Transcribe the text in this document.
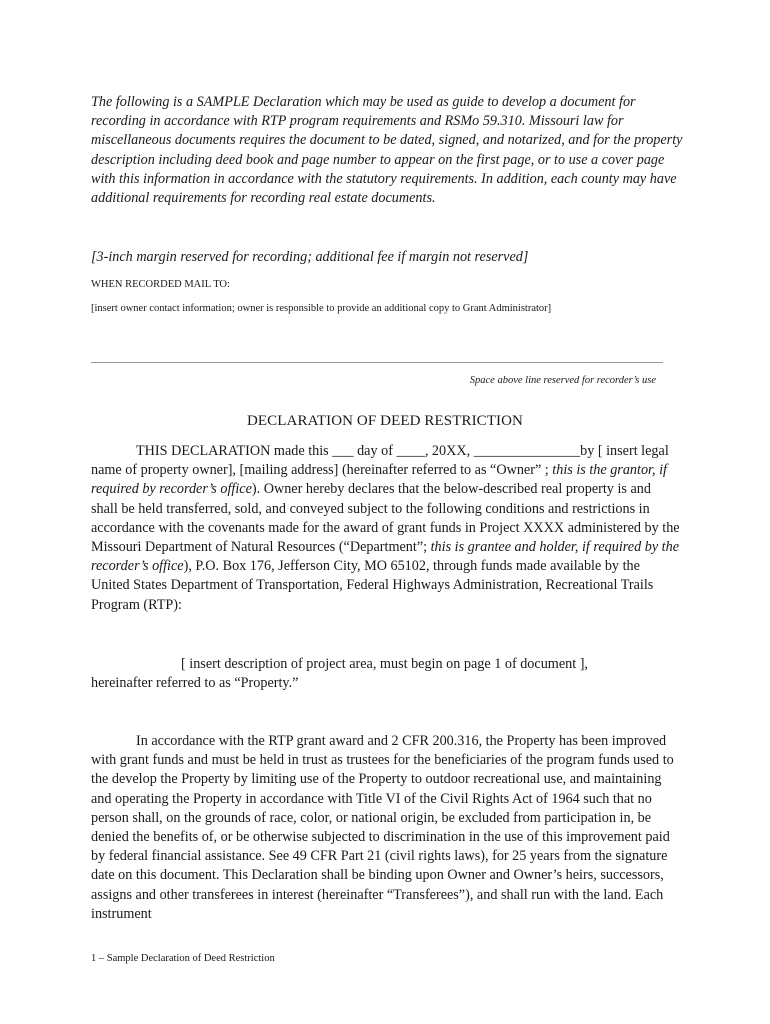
The following is a SAMPLE Declaration which may be used as guide to develop a document for recording in accordance with RTP program requirements and RSMo 59.310. Missouri law for miscellaneous documents requires the document to be dated, signed, and notarized, and for the property description including deed book and page number to appear on the first page, or to use a cover page with this information in accordance with the statutory requirements. In addition, each county may have additional requirements for recording real estate documents.

[3-inch margin reserved for recording; additional fee if margin not reserved]

WHEN RECORDED MAIL TO:

[insert owner contact information; owner is responsible to provide an additional copy to Grant Administrator]

Space above line reserved for recorder’s use

DECLARATION OF DEED RESTRICTION

THIS DECLARATION made this ___ day of ____, 20XX, _______________by [ insert legal name of property owner], [mailing address] (hereinafter referred to as “Owner” ; this is the grantor, if required by recorder’s office). Owner hereby declares that the below-described real property is and shall be held transferred, sold, and conveyed subject to the following conditions and restrictions in accordance with the covenants made for the award of grant funds in Project XXXX administered by the Missouri Department of Natural Resources (“Department”; this is grantee and holder, if required by the recorder’s office), P.O. Box 176, Jefferson City, MO 65102, through funds made available by the United States Department of Transportation, Federal Highways Administration, Recreational Trails Program (RTP):

[ insert description of project area, must begin on page 1 of document ],
hereinafter referred to as “Property.”

In accordance with the RTP grant award and 2 CFR 200.316, the Property has been improved with grant funds and must be held in trust as trustees for the beneficiaries of the program funds used to the develop the Property by limiting use of the Property to outdoor recreational use, and maintaining and operating the Property in accordance with Title VI of the Civil Rights Act of 1964 such that no person shall, on the grounds of race, color, or national origin, be excluded from participation in, be denied the benefits of, or be otherwise subjected to discrimination in the use of this improvement paid by federal financial assistance. See 49 CFR Part 21 (civil rights laws), for 25 years from the signature date on this document. This Declaration shall be binding upon Owner and Owner’s heirs, successors, assigns and other transferees in interest (hereinafter “Transferees”), and shall run with the land. Each instrument

1 – Sample Declaration of Deed Restriction
